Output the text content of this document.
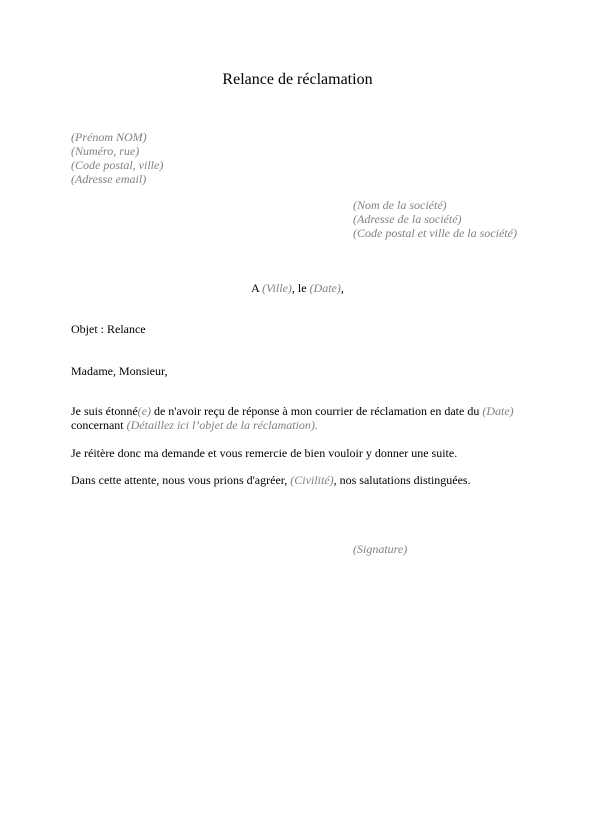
Relance de réclamation
(Prénom NOM)
(Numéro, rue)
(Code postal, ville)
(Adresse email)
(Nom de la société)
(Adresse de la société)
(Code postal et ville de la société)
A (Ville), le (Date),
Objet : Relance
Madame, Monsieur,
Je suis étonné(e) de n'avoir reçu de réponse à mon courrier de réclamation en date du (Date) concernant (Détaillez ici l’objet de la réclamation).
Je réitère donc ma demande et vous remercie de bien vouloir y donner une suite.
Dans cette attente, nous vous prions d'agréer, (Civilité), nos salutations distinguées.
(Signature)
